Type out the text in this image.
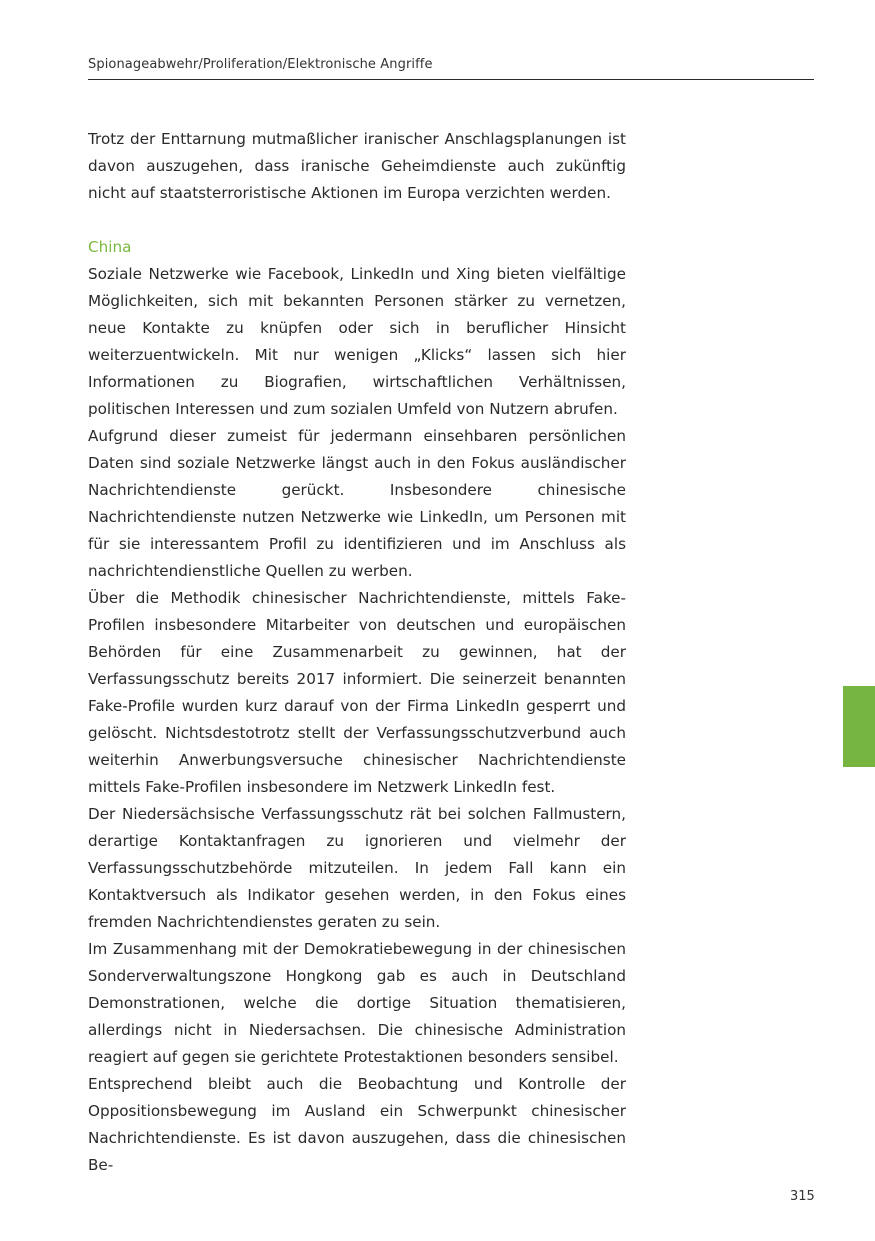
Spionageabwehr/Proliferation/Elektronische Angriffe

Trotz der Enttarnung mutmaßlicher iranischer Anschlagsplanungen ist davon auszugehen, dass iranische Geheimdienste auch zukünftig nicht auf staatsterroristische Aktionen im Europa verzichten werden.

China

Soziale Netzwerke wie Facebook, LinkedIn und Xing bieten vielfältige Möglichkeiten, sich mit bekannten Personen stärker zu vernetzen, neue Kontakte zu knüpfen oder sich in beruflicher Hinsicht weiterzuentwickeln. Mit nur wenigen „Klicks“ lassen sich hier Informationen zu Biografien, wirtschaftlichen Verhältnissen, politischen Interessen und zum sozialen Umfeld von Nutzern abrufen.

Aufgrund dieser zumeist für jedermann einsehbaren persönlichen Daten sind soziale Netzwerke längst auch in den Fokus ausländischer Nachrichtendienste gerückt. Insbesondere chinesische Nachrichtendienste nutzen Netzwerke wie LinkedIn, um Personen mit für sie interessantem Profil zu identifizieren und im Anschluss als nachrichtendienstliche Quellen zu werben.

Über die Methodik chinesischer Nachrichtendienste, mittels Fake-Profilen insbesondere Mitarbeiter von deutschen und europäischen Behörden für eine Zusammenarbeit zu gewinnen, hat der Verfassungsschutz bereits 2017 informiert. Die seinerzeit benannten Fake-Profile wurden kurz darauf von der Firma LinkedIn gesperrt und gelöscht. Nichtsdestotrotz stellt der Verfassungsschutzverbund auch weiterhin Anwerbungsversuche chinesischer Nachrichtendienste mittels Fake-Profilen insbesondere im Netzwerk LinkedIn fest.

Der Niedersächsische Verfassungsschutz rät bei solchen Fallmustern, derartige Kontaktanfragen zu ignorieren und vielmehr der Verfassungsschutzbehörde mitzuteilen. In jedem Fall kann ein Kontaktversuch als Indikator gesehen werden, in den Fokus eines fremden Nachrichtendienstes geraten zu sein.

Im Zusammenhang mit der Demokratiebewegung in der chinesischen Sonderverwaltungszone Hongkong gab es auch in Deutschland Demonstrationen, welche die dortige Situation thematisieren, allerdings nicht in Niedersachsen. Die chinesische Administration reagiert auf gegen sie gerichtete Protestaktionen besonders sensibel.

Entsprechend bleibt auch die Beobachtung und Kontrolle der Oppositionsbewegung im Ausland ein Schwerpunkt chinesischer Nachrichtendienste. Es ist davon auszugehen, dass die chinesischen Be-

315
